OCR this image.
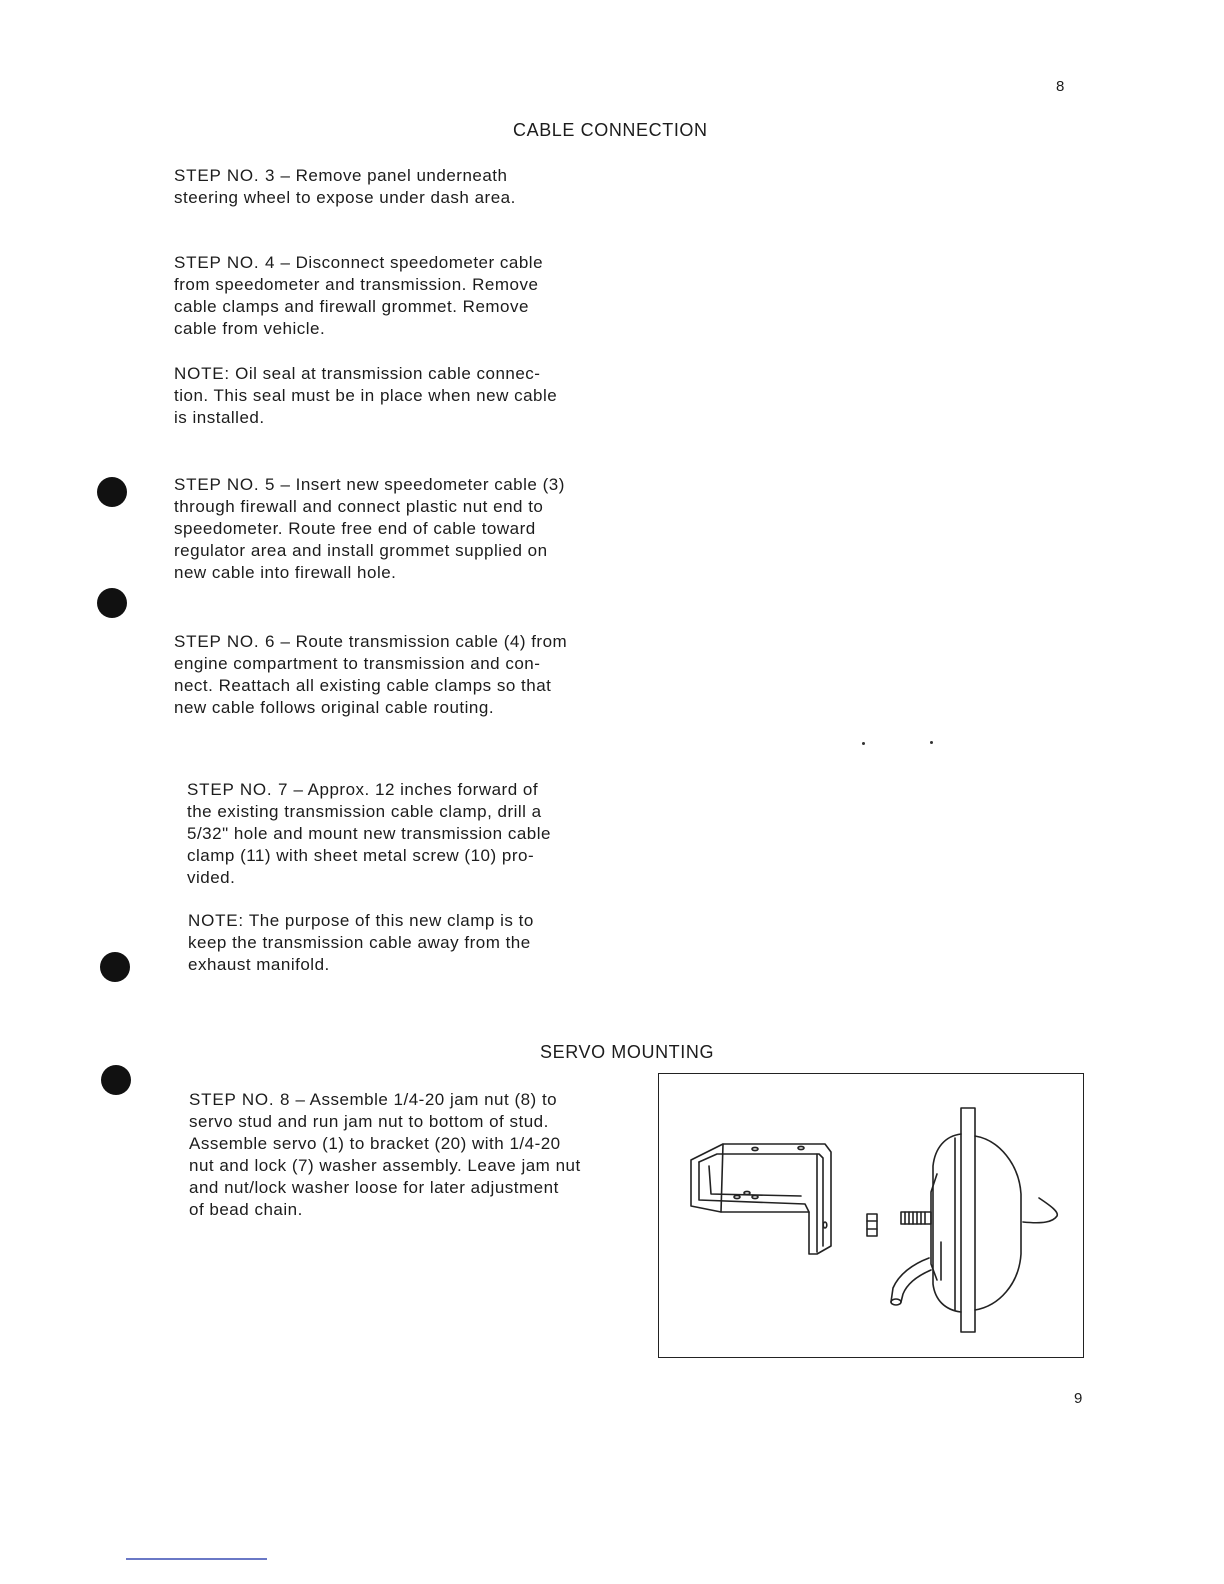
8
9
CABLE CONNECTION
SERVO MOUNTING

STEP NO. 3 – Remove panel underneath
steering wheel to expose under dash area.

STEP NO. 4 – Disconnect speedometer cable
from speedometer and transmission. Remove
cable clamps and firewall grommet. Remove
cable from vehicle.

NOTE: Oil seal at transmission cable connec-
tion. This seal must be in place when new cable
is installed.

STEP NO. 5 – Insert new speedometer cable (3)
through firewall and connect plastic nut end to
speedometer. Route free end of cable toward
regulator area and install grommet supplied on
new cable into firewall hole.

STEP NO. 6 – Route transmission cable (4) from
engine compartment to transmission and con-
nect. Reattach all existing cable clamps so that
new cable follows original cable routing.

STEP NO. 7 – Approx. 12 inches forward of
the existing transmission cable clamp, drill a
5/32" hole and mount new transmission cable
clamp (11) with sheet metal screw (10) pro-
vided.

NOTE: The purpose of this new clamp is to
keep the transmission cable away from the
exhaust manifold.

STEP NO. 8 – Assemble 1/4-20 jam nut (8) to
servo stud and run jam nut to bottom of stud.
Assemble servo (1) to bracket (20) with 1/4-20
nut and lock (7) washer assembly. Leave jam nut
and nut/lock washer loose for later adjustment
of bead chain.
